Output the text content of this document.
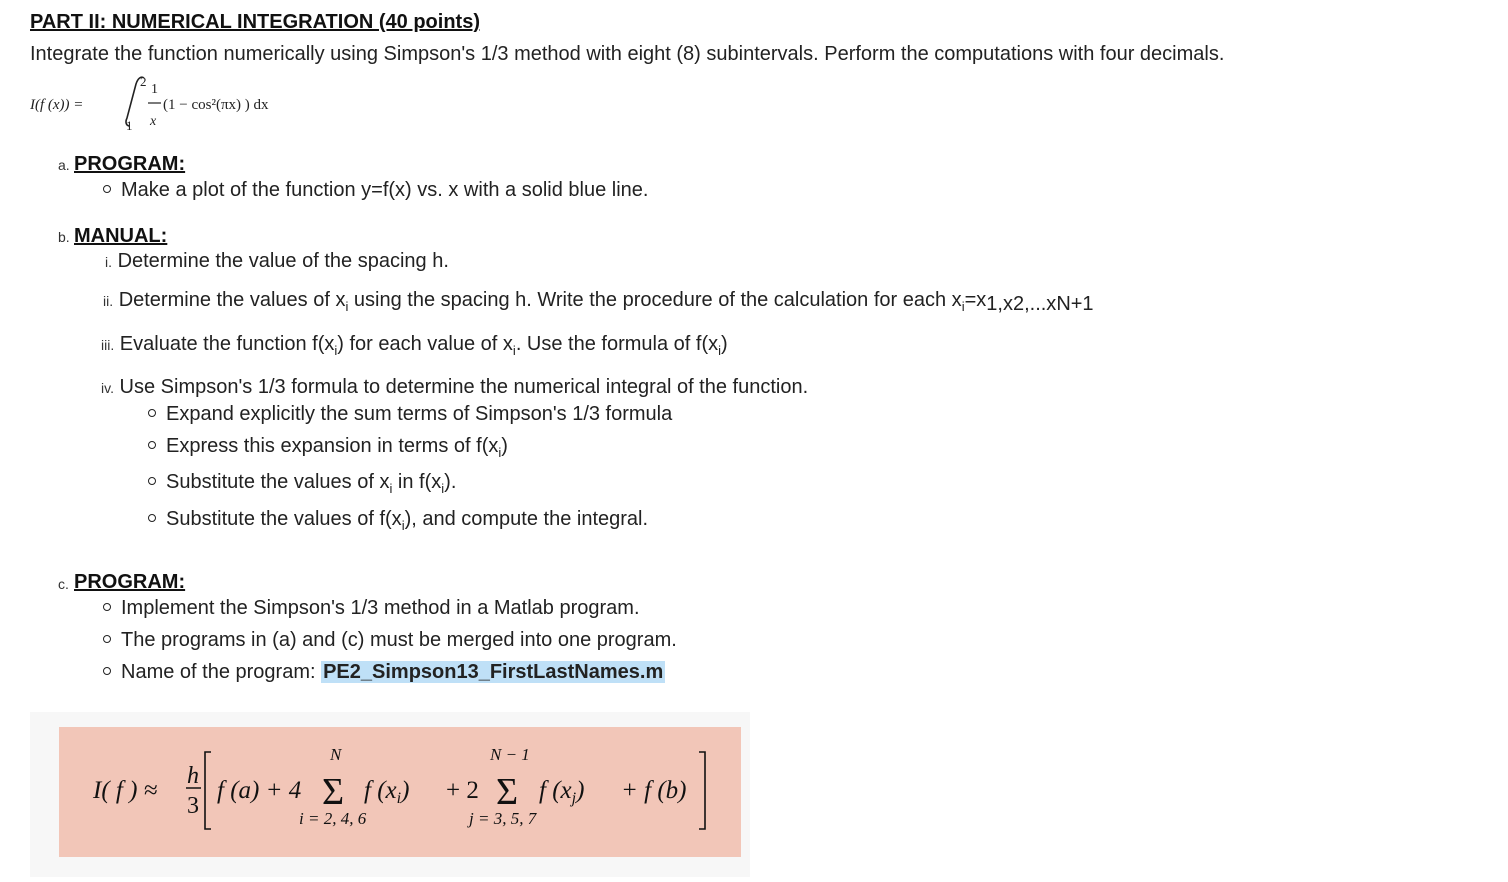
PART II: NUMERICAL INTEGRATION (40 points)
Integrate the function numerically using Simpson's 1/3 method with eight (8) subintervals. Perform the computations with four decimals.
I(f (x)) =
2
1
1
x
(1 − cos²(πx) ) dx
a. PROGRAM:
Make a plot of the function y=f(x) vs. x with a solid blue line.
b. MANUAL:
i. Determine the value of the spacing h.
ii. Determine the values of $x_i$ using the spacing h. Write the procedure of the calculation for each $x_i=x1,x2,...xN+1$
iii. Evaluate the function $f(x_i)$ for each value of $x_i$. Use the formula of $f(x_i)$
iv. Use Simpson's 1/3 formula to determine the numerical integral of the function.
Expand explicitly the sum terms of Simpson's 1/3 formula
Express this expansion in terms of $f(x_i)$
Substitute the values of $x_i$ in $f(x_i)$.
Substitute the values of $f(x_i)$, and compute the integral.
c. PROGRAM:
Implement the Simpson's 1/3 method in a Matlab program.
The programs in (a) and (c) must be merged into one program.
Name of the program: PE2_Simpson13_FirstLastNames.m
I( f ) ≈
h
3
f (a) + 4
N
Σ
i = 2, 4, 6
f $(x_i) + 2$
N − 1
Σ
j = 3, 5, 7
f $(x_j) + f$ (b)
